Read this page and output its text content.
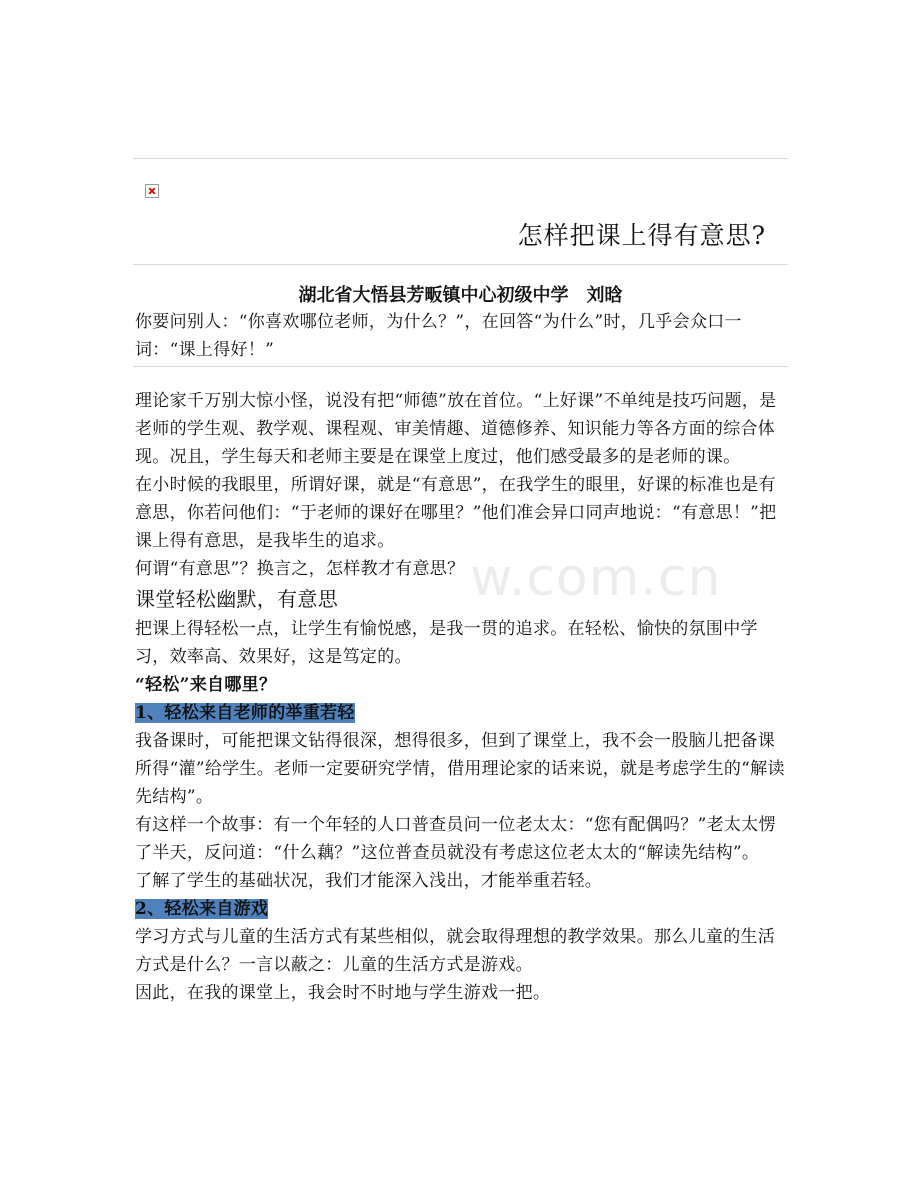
怎样把课上得有意思?

湖北省大悟县芳畈镇中心初级中学　刘晗

你要问别人：“你喜欢哪位老师，为什么？”，在回答“为什么”时，几乎会众口一词：“课上得好！”

理论家千万别大惊小怪，说没有把“师德”放在首位。“上好课”不单纯是技巧问题，是老师的学生观、教学观、课程观、审美情趣、道德修养、知识能力等各方面的综合体现。况且，学生每天和老师主要是在课堂上度过，他们感受最多的是老师的课。

在小时候的我眼里，所谓好课，就是“有意思”，在我学生的眼里，好课的标准也是有意思，你若问他们：“于老师的课好在哪里？”他们准会异口同声地说：“有意思！”把课上得有意思，是我毕生的追求。

何谓“有意思”？换言之，怎样教才有意思？

课堂轻松幽默，有意思

把课上得轻松一点，让学生有愉悦感，是我一贯的追求。在轻松、愉快的氛围中学习，效率高、效果好，这是笃定的。

“轻松”来自哪里？

1、轻松来自老师的举重若轻

我备课时，可能把课文钻得很深，想得很多，但到了课堂上，我不会一股脑儿把备课所得“灌”给学生。老师一定要研究学情，借用理论家的话来说，就是考虑学生的“解读先结构”。

有这样一个故事：有一个年轻的人口普查员问一位老太太：“您有配偶吗？”老太太愣了半天，反问道：“什么藕？”这位普查员就没有考虑这位老太太的“解读先结构”。

了解了学生的基础状况，我们才能深入浅出，才能举重若轻。

2、轻松来自游戏

学习方式与儿童的生活方式有某些相似，就会取得理想的教学效果。那么儿童的生活方式是什么？一言以蔽之：儿童的生活方式是游戏。

因此，在我的课堂上，我会时不时地与学生游戏一把。

w.com.cn
